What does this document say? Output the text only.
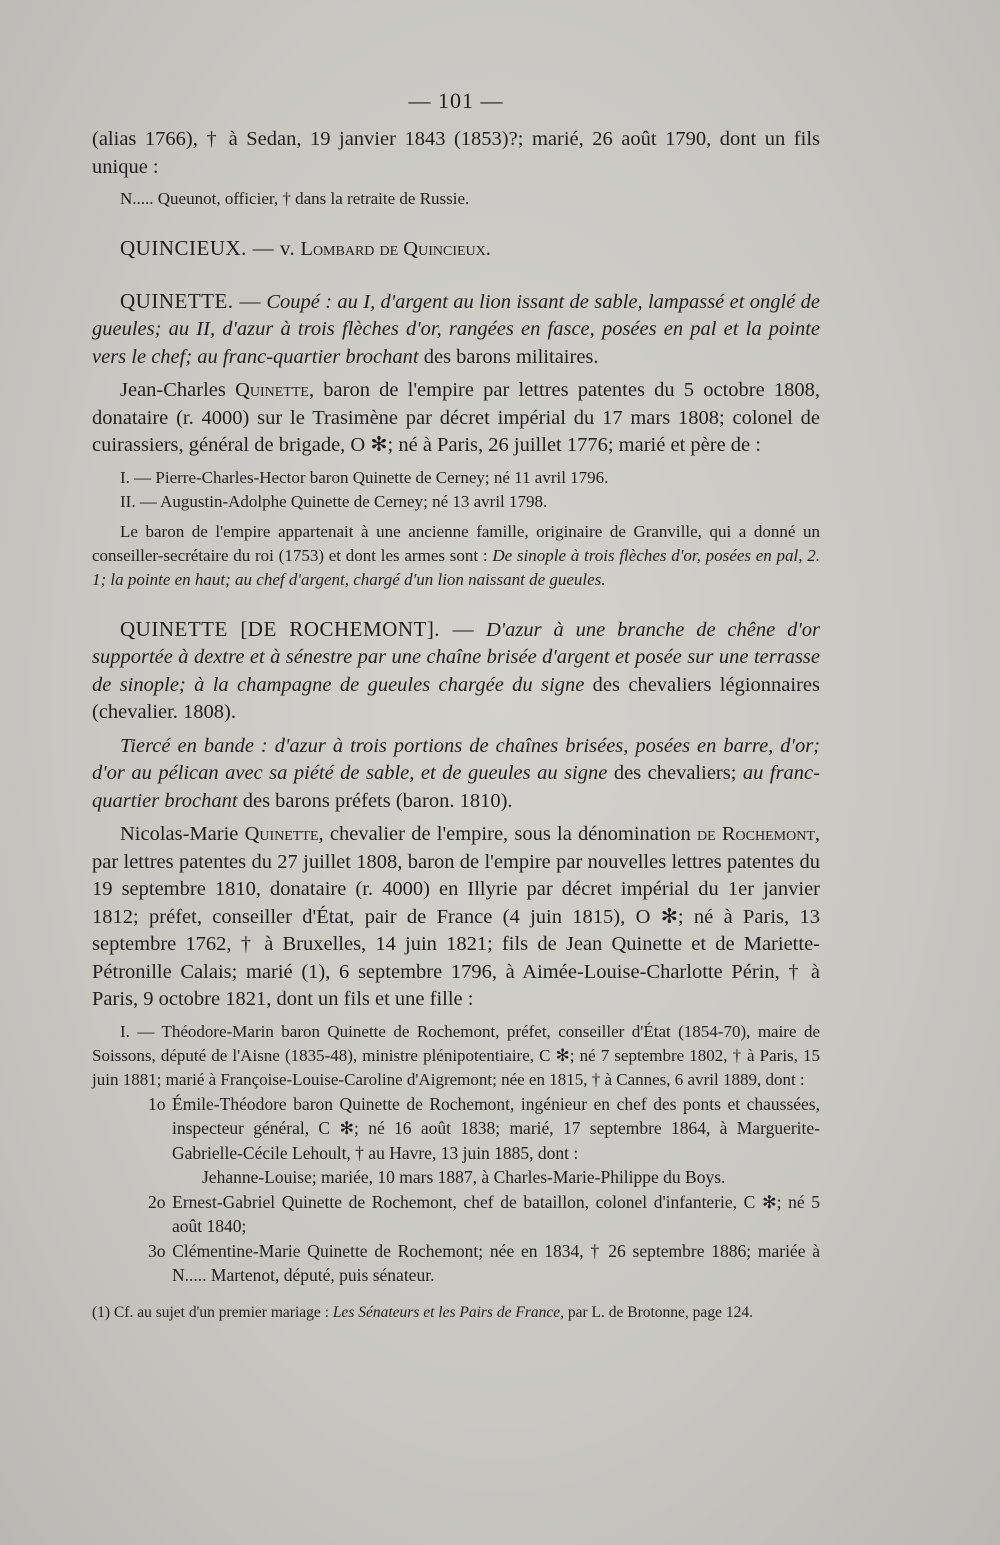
— 101 —

(alias 1766), † à Sedan, 19 janvier 1843 (1853)?; marié, 26 août 1790, dont un fils unique :

N..... Queunot, officier, † dans la retraite de Russie.

QUINCIEUX. — v. Lombard de Quincieux.

QUINETTE. — Coupé : au I, d'argent au lion issant de sable, lampassé et onglé de gueules; au II, d'azur à trois flèches d'or, rangées en fasce, posées en pal et la pointe vers le chef; au franc-quartier brochant des barons militaires.

Jean-Charles Quinette, baron de l'empire par lettres patentes du 5 octobre 1808, donataire (r. 4000) sur le Trasimène par décret impérial du 17 mars 1808; colonel de cuirassiers, général de brigade, O ✻; né à Paris, 26 juillet 1776; marié et père de :

I. — Pierre-Charles-Hector baron Quinette de Cerney; né 11 avril 1796.

II. — Augustin-Adolphe Quinette de Cerney; né 13 avril 1798.

Le baron de l'empire appartenait à une ancienne famille, originaire de Granville, qui a donné un conseiller-secrétaire du roi (1753) et dont les armes sont : De sinople à trois flèches d'or, posées en pal, 2. 1; la pointe en haut; au chef d'argent, chargé d'un lion naissant de gueules.

QUINETTE [DE ROCHEMONT]. — D'azur à une branche de chêne d'or supportée à dextre et à sénestre par une chaîne brisée d'argent et posée sur une terrasse de sinople; à la champagne de gueules chargée du signe des chevaliers légionnaires (chevalier. 1808).

Tiercé en bande : d'azur à trois portions de chaînes brisées, posées en barre, d'or; d'or au pélican avec sa piété de sable, et de gueules au signe des chevaliers; au franc-quartier brochant des barons préfets (baron. 1810).

Nicolas-Marie Quinette, chevalier de l'empire, sous la dénomination de Rochemont, par lettres patentes du 27 juillet 1808, baron de l'empire par nouvelles lettres patentes du 19 septembre 1810, donataire (r. 4000) en Illyrie par décret impérial du 1er janvier 1812; préfet, conseiller d'État, pair de France (4 juin 1815), O ✻; né à Paris, 13 septembre 1762, † à Bruxelles, 14 juin 1821; fils de Jean Quinette et de Mariette-Pétronille Calais; marié (1), 6 septembre 1796, à Aimée-Louise-Charlotte Périn, † à Paris, 9 octobre 1821, dont un fils et une fille :

I. — Théodore-Marin baron Quinette de Rochemont, préfet, conseiller d'État (1854-70), maire de Soissons, député de l'Aisne (1835-48), ministre plénipotentiaire, C ✻; né 7 septembre 1802, † à Paris, 15 juin 1881; marié à Françoise-Louise-Caroline d'Aigremont; née en 1815, † à Cannes, 6 avril 1889, dont :

1o Émile-Théodore baron Quinette de Rochemont, ingénieur en chef des ponts et chaussées, inspecteur général, C ✻; né 16 août 1838; marié, 17 septembre 1864, à Marguerite-Gabrielle-Cécile Lehoult, † au Havre, 13 juin 1885, dont :

Jehanne-Louise; mariée, 10 mars 1887, à Charles-Marie-Philippe du Boys.

2o Ernest-Gabriel Quinette de Rochemont, chef de bataillon, colonel d'infanterie, C ✻; né 5 août 1840;

3o Clémentine-Marie Quinette de Rochemont; née en 1834, † 26 septembre 1886; mariée à N..... Martenot, député, puis sénateur.

(1) Cf. au sujet d'un premier mariage : Les Sénateurs et les Pairs de France, par L. de Brotonne, page 124.
